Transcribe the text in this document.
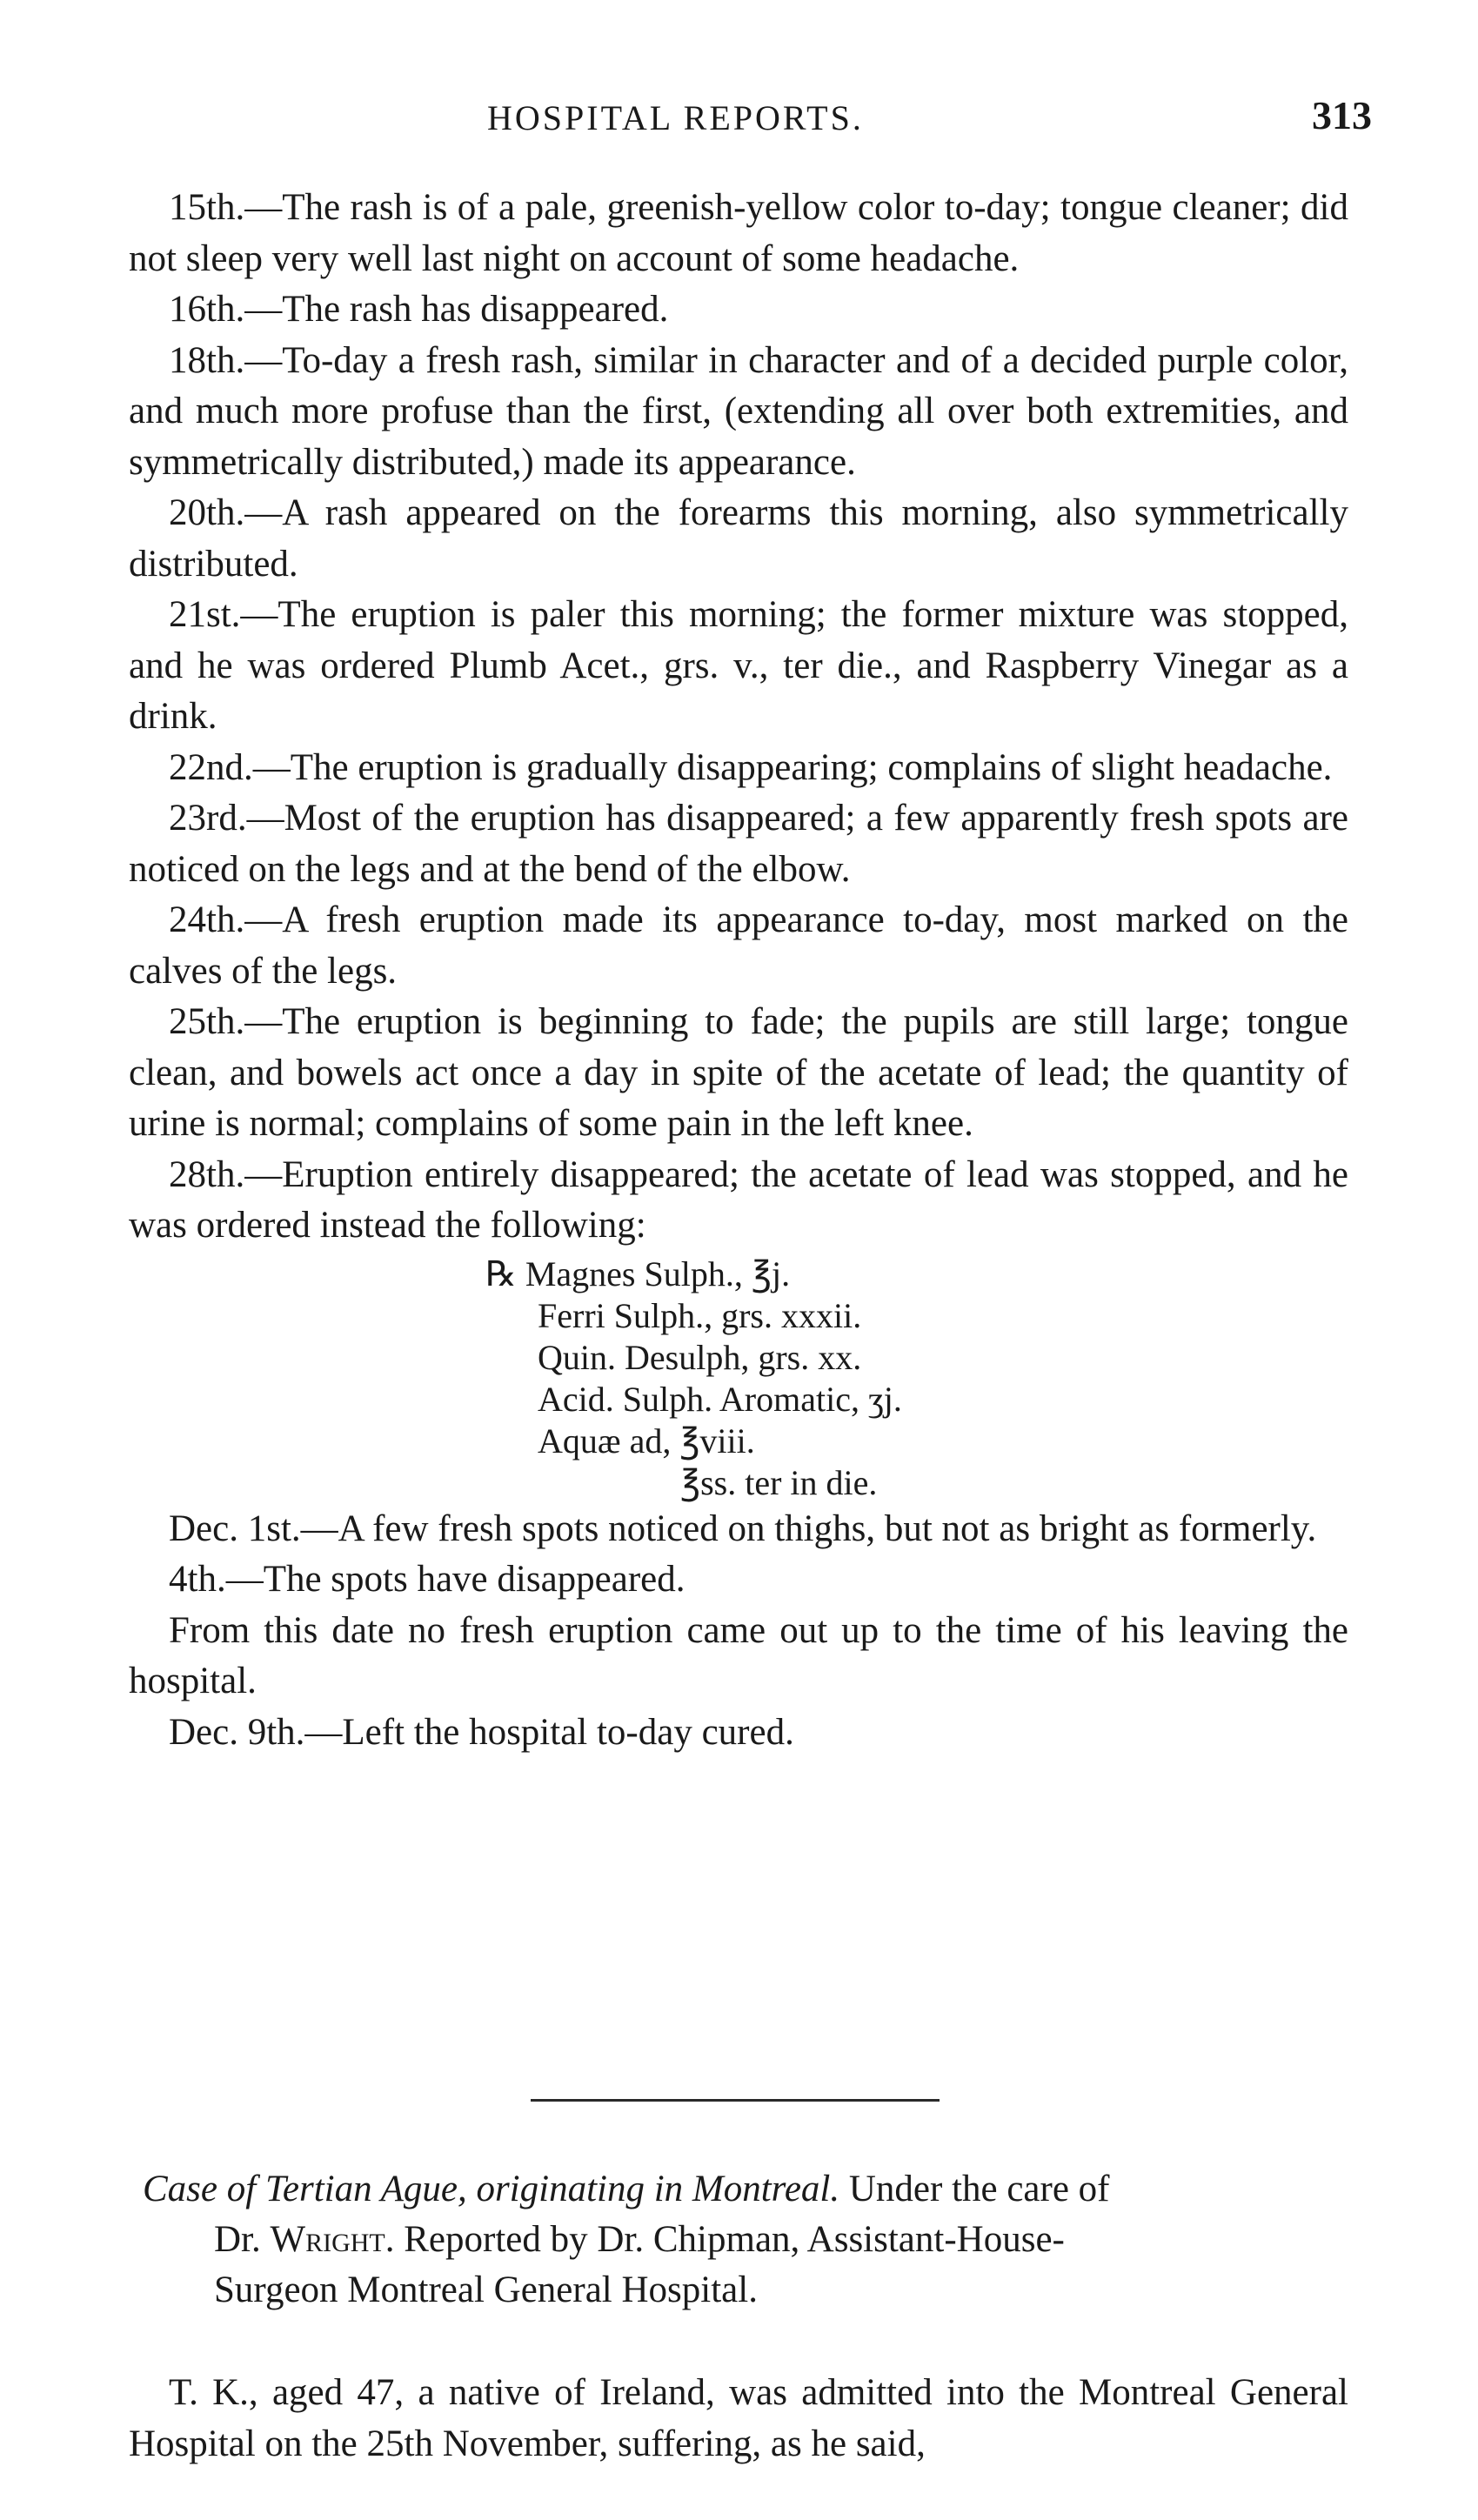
HOSPITAL REPORTS.	313

15th.—The rash is of a pale, greenish-yellow color to-day; tongue cleaner; did not sleep very well last night on account of some headache.

16th.—The rash has disappeared.

18th.—To-day a fresh rash, similar in character and of a decided purple color, and much more profuse than the first, (extending all over both extremities, and symmetrically distributed,) made its appearance.

20th.—A rash appeared on the forearms this morning, also symmetrically distributed.

21st.—The eruption is paler this morning; the former mixture was stopped, and he was ordered Plumb Acet., grs. v., ter die., and Raspberry Vinegar as a drink.

22nd.—The eruption is gradually disappearing; complains of slight headache.

23rd.—Most of the eruption has disappeared; a few apparently fresh spots are noticed on the legs and at the bend of the elbow.

24th.—A fresh eruption made its appearance to-day, most marked on the calves of the legs.

25th.—The eruption is beginning to fade; the pupils are still large; tongue clean, and bowels act once a day in spite of the acetate of lead; the quantity of urine is normal; complains of some pain in the left knee.

28th.—Eruption entirely disappeared; the acetate of lead was stopped, and he was ordered instead the following:

℞ Magnes Sulph., ℥j.
Ferri Sulph., grs. xxxii.
Quin. Desulph, grs. xx.
Acid. Sulph. Aromatic, ʒj.
Aquæ ad, ℥viii.
℥ss. ter in die.

Dec. 1st.—A few fresh spots noticed on thighs, but not as bright as formerly.

4th.—The spots have disappeared.

From this date no fresh eruption came out up to the time of his leaving the hospital.

Dec. 9th.—Left the hospital to-day cured.

Case of Tertian Ague, originating in Montreal. Under the care of
Dr. Wright. Reported by Dr. Chipman, Assistant-House-
Surgeon Montreal General Hospital.

T. K., aged 47, a native of Ireland, was admitted into the Montreal General Hospital on the 25th November, suffering, as he said,
